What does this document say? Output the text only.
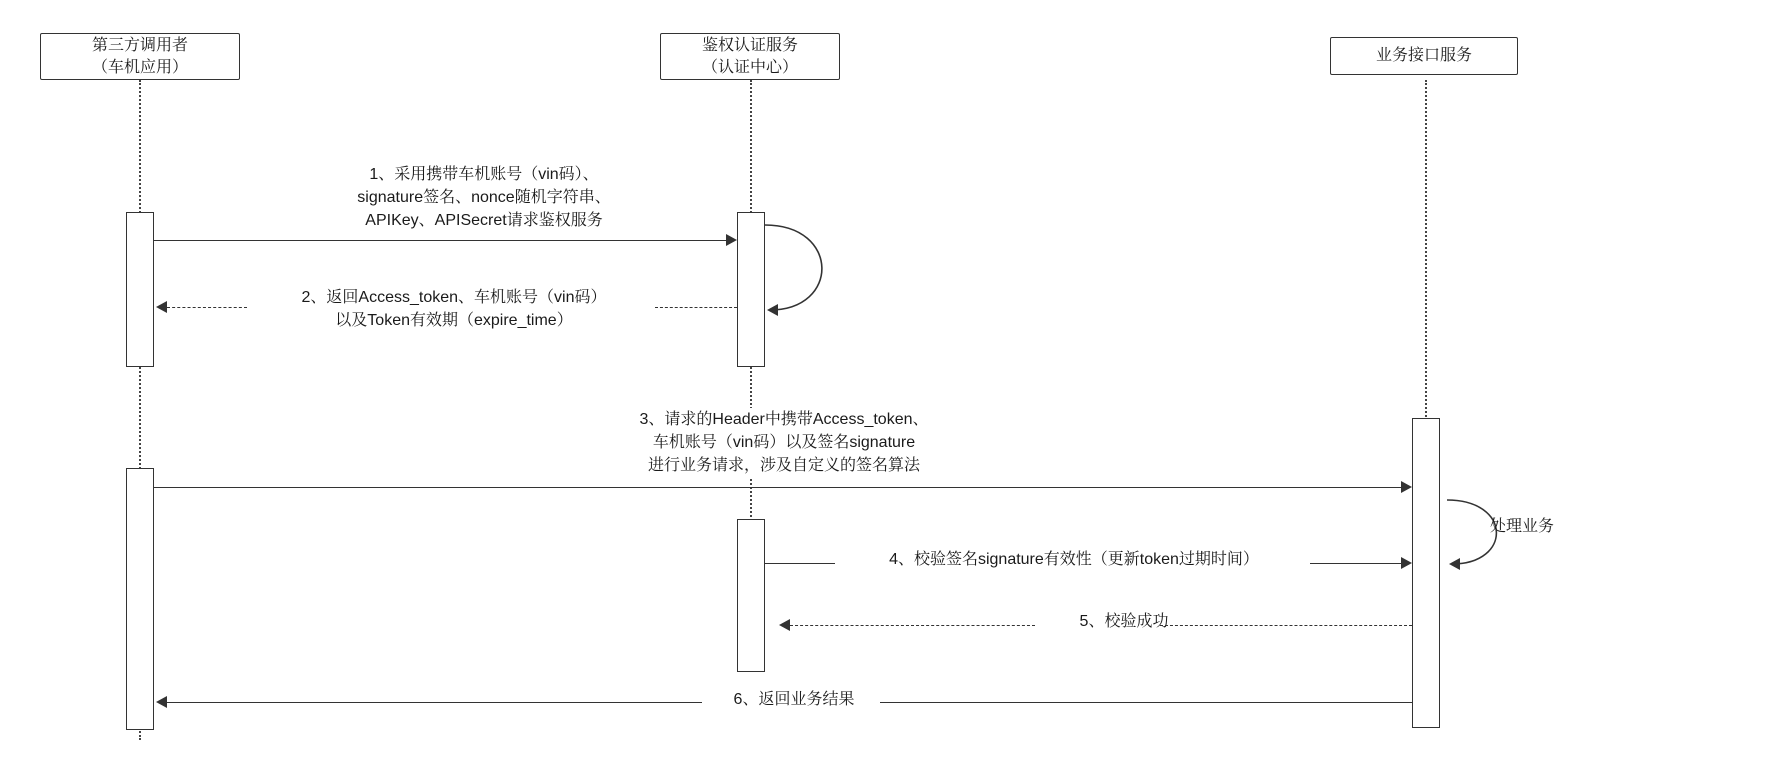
第三方调用者
（车机应用）
鉴权认证服务
（认证中心）
业务接口服务
1、采用携带车机账号（vin码）、
signature签名、nonce随机字符串、
APIKey、APISecret请求鉴权服务
2、返回Access_token、车机账号（vin码）
以及Token有效期（expire_time）
3、请求的Header中携带Access_token、
车机账号（vin码）以及签名signature
进行业务请求，涉及自定义的签名算法
处理业务
4、校验签名signature有效性（更新token过期时间）
5、校验成功
6、返回业务结果
